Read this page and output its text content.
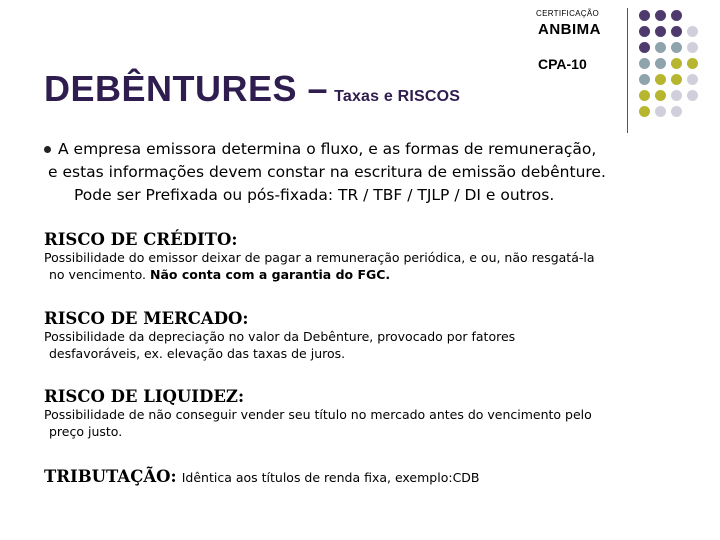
CERTIFICAÇÃO
ANBIMA
CPA-10
DEBÊNTURES – Taxas e RISCOS
A empresa emissora determina o fluxo, e as formas de remuneração,
e estas informações devem constar na escritura de emissão debênture.
Pode ser Prefixada ou pós-fixada: TR / TBF / TJLP / DI e outros.
RISCO DE CRÉDITO:

Possibilidade do emissor deixar de pagar a remuneração periódica, e ou, não resgatá-la
no vencimento. Não conta com a garantia do FGC.

RISCO DE MERCADO:

Possibilidade da depreciação no valor da Debênture, provocado por fatores
desfavoráveis, ex. elevação das taxas de juros.

RISCO DE LIQUIDEZ:

Possibilidade de não conseguir vender seu título no mercado antes do vencimento pelo
preço justo.

TRIBUTAÇÃO: Idêntica aos títulos de renda fixa, exemplo:CDB
